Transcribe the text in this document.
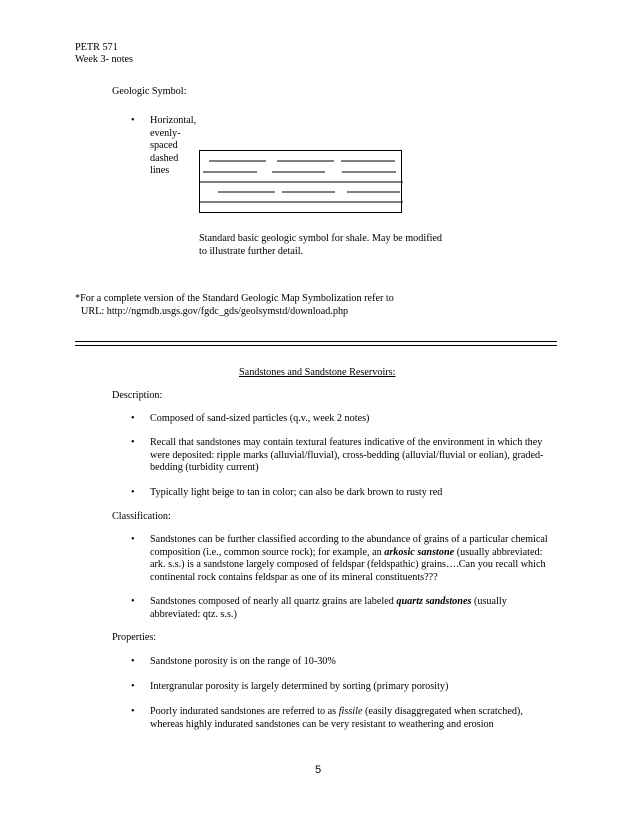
PETR 571
Week 3- notes
Geologic Symbol:
• Horizontal, evenly-spaced dashed lines
Standard basic geologic symbol for shale. May be modified
to illustrate further detail.
*For a complete version of the Standard Geologic Map Symbolization refer to
URL: http://ngmdb.usgs.gov/fgdc_gds/geolsymstd/download.php
Sandstones and Sandstone Reservoirs:
Description:
• Composed of sand-sized particles (q.v., week 2 notes)
• Recall that sandstones may contain textural features indicative of the environment in which they
were deposited: ripple marks (alluvial/fluvial), cross-bedding (alluvial/fluvial or eolian), graded-
bedding (turbidity current)
• Typically light beige to tan in color; can also be dark brown to rusty red
Classification:
• Sandstones can be further classified according to the abundance of grains of a particular chemical
composition (i.e., common source rock); for example, an arkosic sanstone (usually abbreviated:
ark. s.s.) is a sandstone largely composed of feldspar (feldspathic) grains….Can you recall which
continental rock contains feldspar as one of its mineral constituents???
• Sandstones composed of nearly all quartz grains are labeled quartz sandstones (usually
abbreviated: qtz. s.s.)
Properties:
• Sandstone porosity is on the range of 10-30%
• Intergranular porosity is largely determined by sorting (primary porosity)
• Poorly indurated sandstones are referred to as fissile (easily disaggregated when scratched),
whereas highly indurated sandstones can be very resistant to weathering and erosion
5
